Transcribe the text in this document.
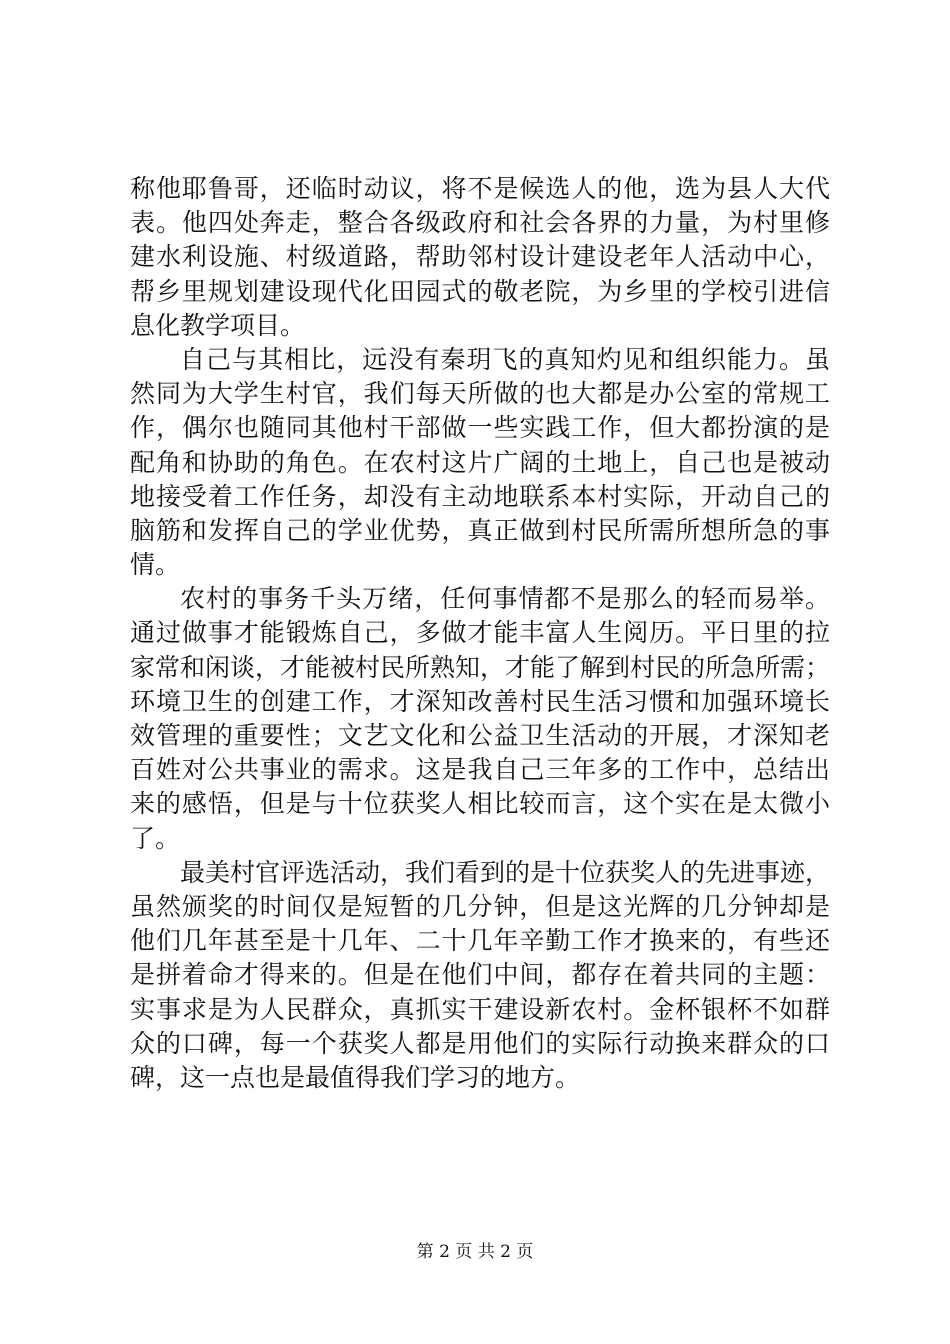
称他耶鲁哥，还临时动议，将不是候选人的他，选为县人大代
表。他四处奔走，整合各级政府和社会各界的力量，为村里修
建水利设施、村级道路，帮助邻村设计建设老年人活动中心，
帮乡里规划建设现代化田园式的敬老院，为乡里的学校引进信
息化教学项目。
自己与其相比，远没有秦玥飞的真知灼见和组织能力。虽
然同为大学生村官，我们每天所做的也大都是办公室的常规工
作，偶尔也随同其他村干部做一些实践工作，但大都扮演的是
配角和协助的角色。在农村这片广阔的土地上，自己也是被动
地接受着工作任务，却没有主动地联系本村实际，开动自己的
脑筋和发挥自己的学业优势，真正做到村民所需所想所急的事
情。
农村的事务千头万绪，任何事情都不是那么的轻而易举。
通过做事才能锻炼自己，多做才能丰富人生阅历。平日里的拉
家常和闲谈，才能被村民所熟知，才能了解到村民的所急所需；
环境卫生的创建工作，才深知改善村民生活习惯和加强环境长
效管理的重要性；文艺文化和公益卫生活动的开展，才深知老
百姓对公共事业的需求。这是我自己三年多的工作中，总结出
来的感悟，但是与十位获奖人相比较而言，这个实在是太微小
了。
最美村官评选活动，我们看到的是十位获奖人的先进事迹，
虽然颁奖的时间仅是短暂的几分钟，但是这光辉的几分钟却是
他们几年甚至是十几年、二十几年辛勤工作才换来的，有些还
是拼着命才得来的。但是在他们中间，都存在着共同的主题：
实事求是为人民群众，真抓实干建设新农村。金杯银杯不如群
众的口碑，每一个获奖人都是用他们的实际行动换来群众的口
碑，这一点也是最值得我们学习的地方。
第 2 页 共 2 页
